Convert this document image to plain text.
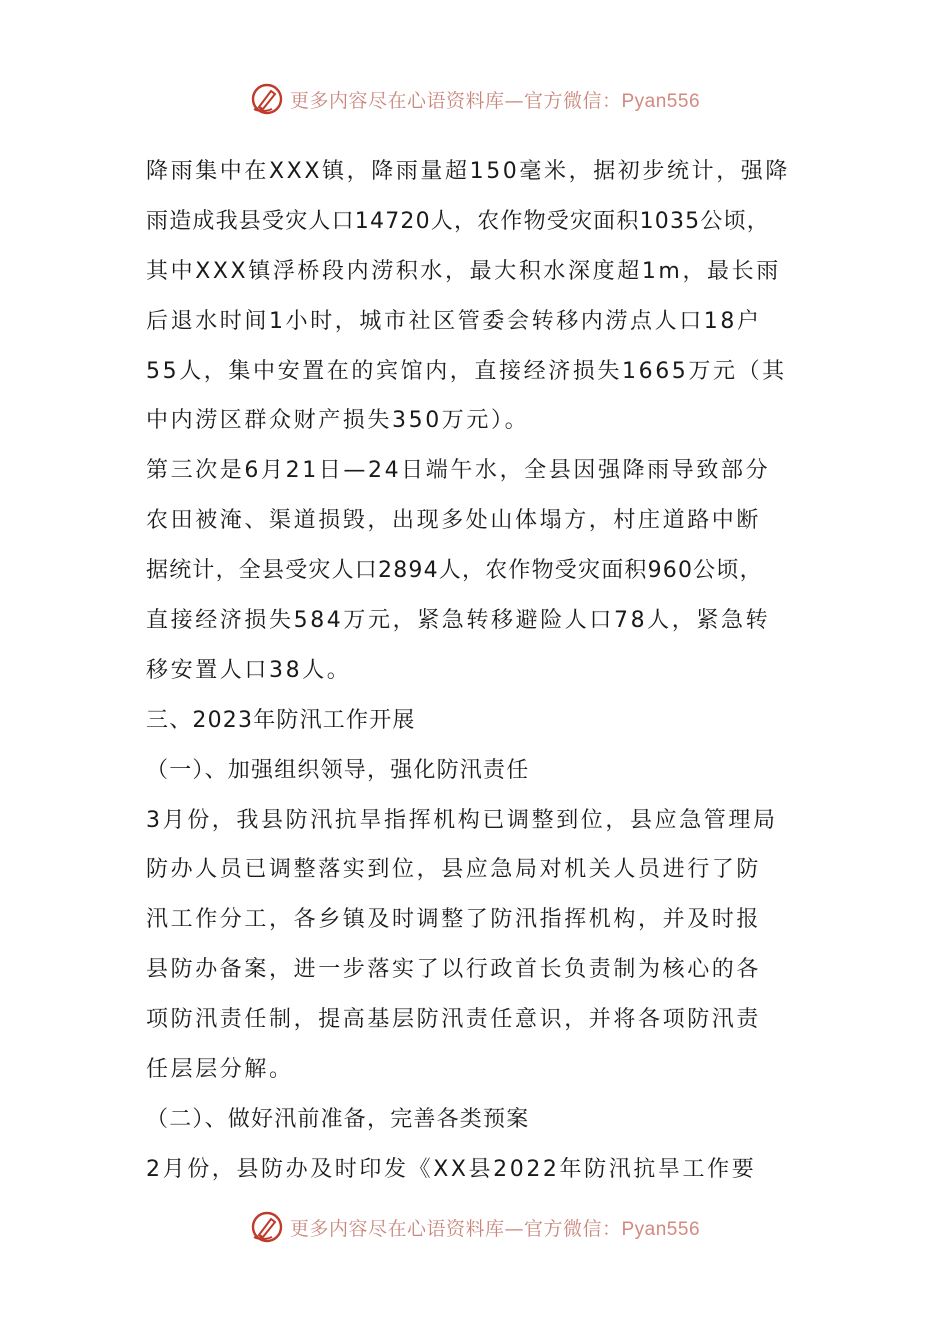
更多内容尽在心语资料库—官方微信：Pyan556
降雨集中在XXX镇，降雨量超150毫米，据初步统计，强降
雨造成我县受灾人口14720人，农作物受灾面积1035公顷，
其中XXX镇浮桥段内涝积水，最大积水深度超1m，最长雨
后退水时间1小时，城市社区管委会转移内涝点人口18户
55人，集中安置在的宾馆内，直接经济损失1665万元（其
中内涝区群众财产损失350万元）。
第三次是6月21日—24日端午水，全县因强降雨导致部分
农田被淹、渠道损毁，出现多处山体塌方，村庄道路中断
据统计，全县受灾人口2894人，农作物受灾面积960公顷，
直接经济损失584万元，紧急转移避险人口78人，紧急转
移安置人口38人。
三、2023年防汛工作开展
（一）、加强组织领导，强化防汛责任
3月份，我县防汛抗旱指挥机构已调整到位，县应急管理局
防办人员已调整落实到位，县应急局对机关人员进行了防
汛工作分工，各乡镇及时调整了防汛指挥机构，并及时报
县防办备案，进一步落实了以行政首长负责制为核心的各
项防汛责任制，提高基层防汛责任意识，并将各项防汛责
任层层分解。
（二）、做好汛前准备，完善各类预案
2月份，县防办及时印发《XX县2022年防汛抗旱工作要
更多内容尽在心语资料库—官方微信：Pyan556
